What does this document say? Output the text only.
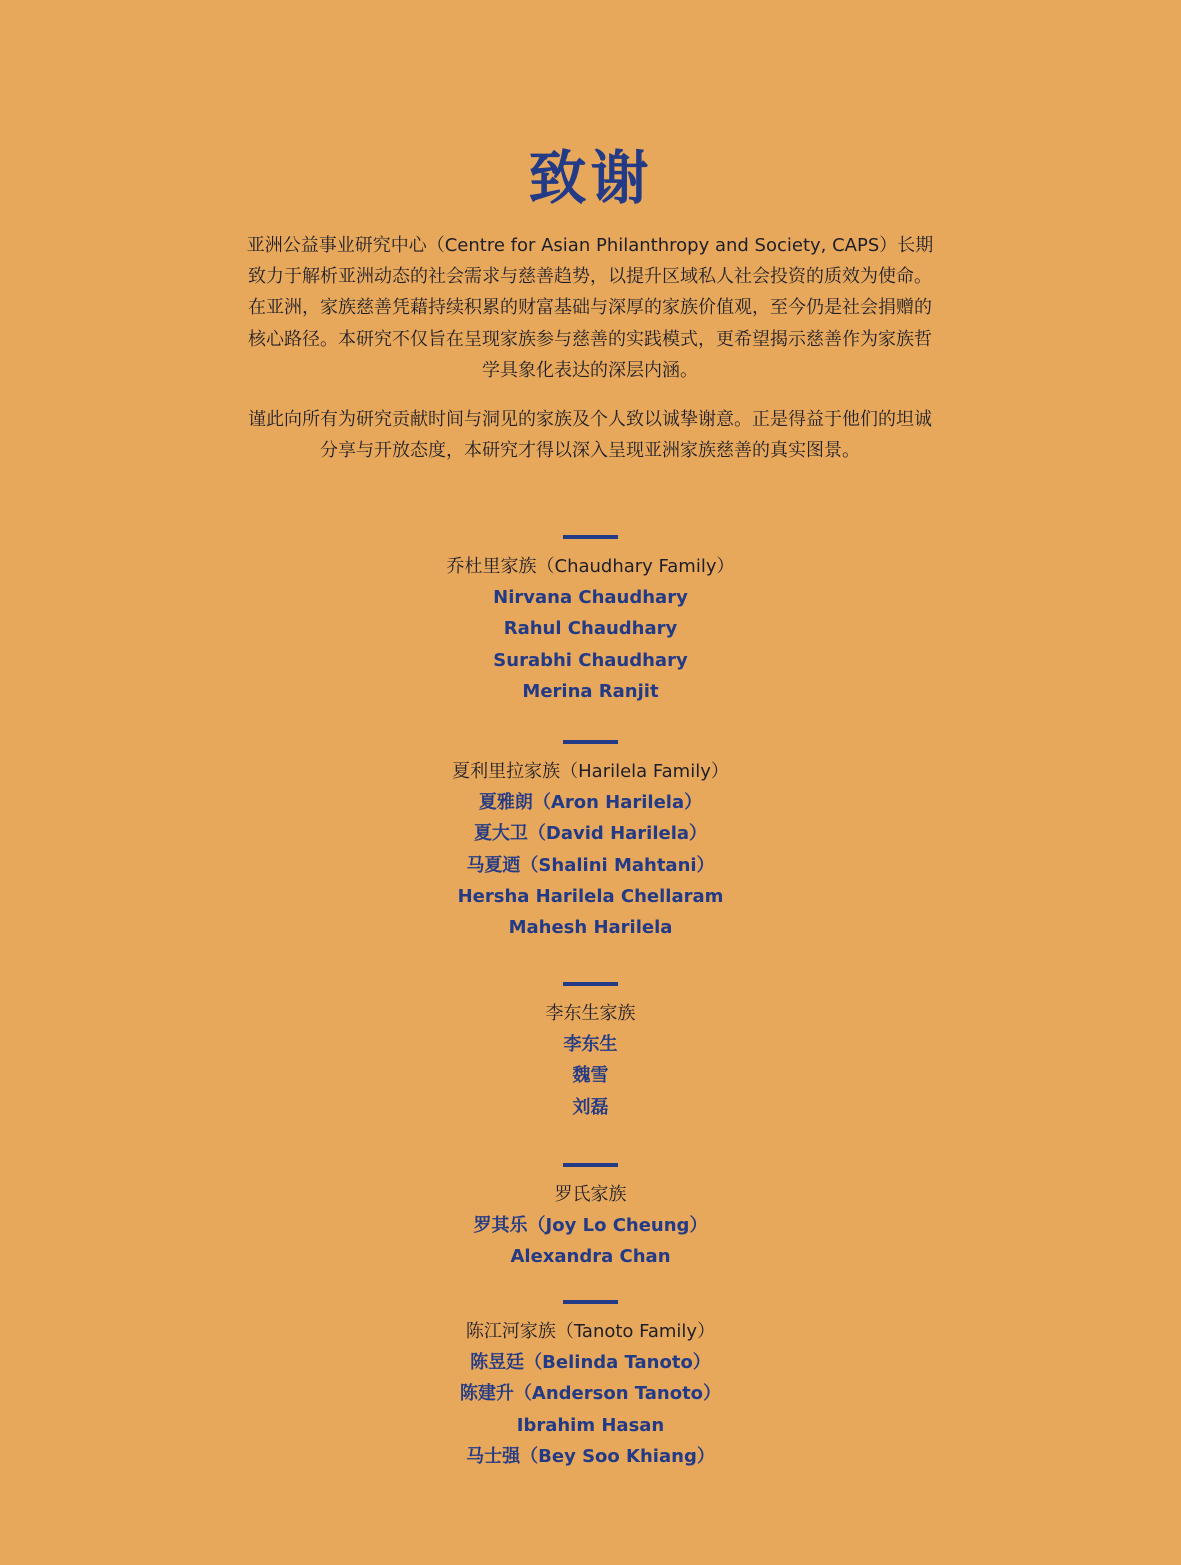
致谢
亚洲公益事业研究中心（Centre for Asian Philanthropy and Society, CAPS）长期致力于解析亚洲动态的社会需求与慈善趋势，以提升区域私人社会投资的质效为使命。在亚洲，家族慈善凭藉持续积累的财富基础与深厚的家族价值观，至今仍是社会捐赠的核心路径。本研究不仅旨在呈现家族参与慈善的实践模式，更希望揭示慈善作为家族哲学具象化表达的深层内涵。
谨此向所有为研究贡献时间与洞见的家族及个人致以诚挚谢意。正是得益于他们的坦诚分享与开放态度，本研究才得以深入呈现亚洲家族慈善的真实图景。
乔杜里家族（Chaudhary Family）
Nirvana Chaudhary
Rahul Chaudhary
Surabhi Chaudhary
Merina Ranjit
夏利里拉家族（Harilela Family）
夏雅朗（Aron Harilela）
夏大卫（David Harilela）
马夏迺（Shalini Mahtani）
Hersha Harilela Chellaram
Mahesh Harilela
李东生家族
李东生
魏雪
刘磊
罗氏家族
罗其乐（Joy Lo Cheung）
Alexandra Chan
陈江河家族（Tanoto Family）
陈昱廷（Belinda Tanoto）
陈建升（Anderson Tanoto）
Ibrahim Hasan
马士强（Bey Soo Khiang）
